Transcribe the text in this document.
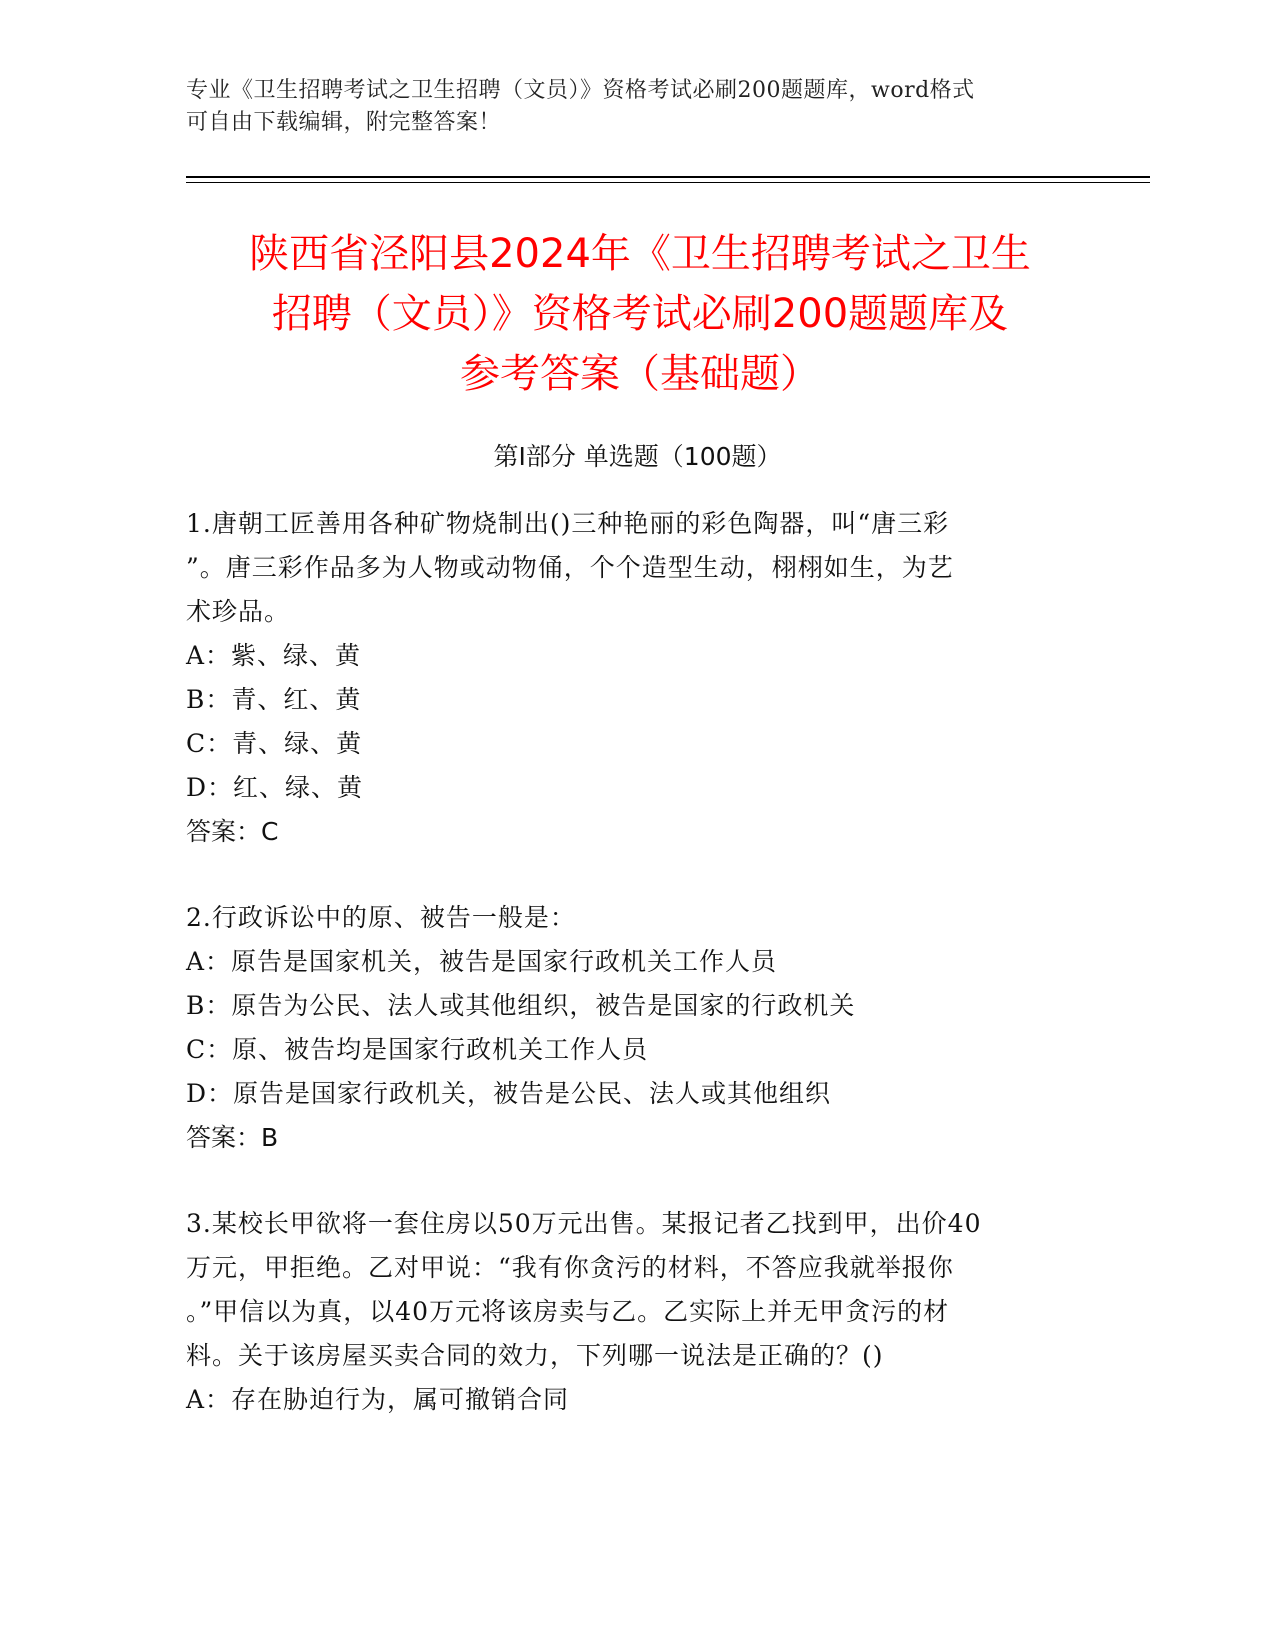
专业《卫生招聘考试之卫生招聘（文员）》资格考试必刷200题题库，word格式
可自由下载编辑，附完整答案！
陕西省泾阳县2024年《卫生招聘考试之卫生
招聘（文员）》资格考试必刷200题题库及
参考答案（基础题）
第Ⅰ部分 单选题（100题）
1.唐朝工匠善用各种矿物烧制出()三种艳丽的彩色陶器，叫“唐三彩
”。唐三彩作品多为人物或动物俑，个个造型生动，栩栩如生，为艺
术珍品。
A：紫、绿、黄
B：青、红、黄
C：青、绿、黄
D：红、绿、黄
答案：C
2.行政诉讼中的原、被告一般是：
A：原告是国家机关，被告是国家行政机关工作人员
B：原告为公民、法人或其他组织，被告是国家的行政机关
C：原、被告均是国家行政机关工作人员
D：原告是国家行政机关，被告是公民、法人或其他组织
答案：B
3.某校长甲欲将一套住房以50万元出售。某报记者乙找到甲，出价40
万元，甲拒绝。乙对甲说：“我有你贪污的材料，不答应我就举报你
。”甲信以为真，以40万元将该房卖与乙。乙实际上并无甲贪污的材
料。关于该房屋买卖合同的效力，下列哪一说法是正确的？()
A：存在胁迫行为，属可撤销合同
